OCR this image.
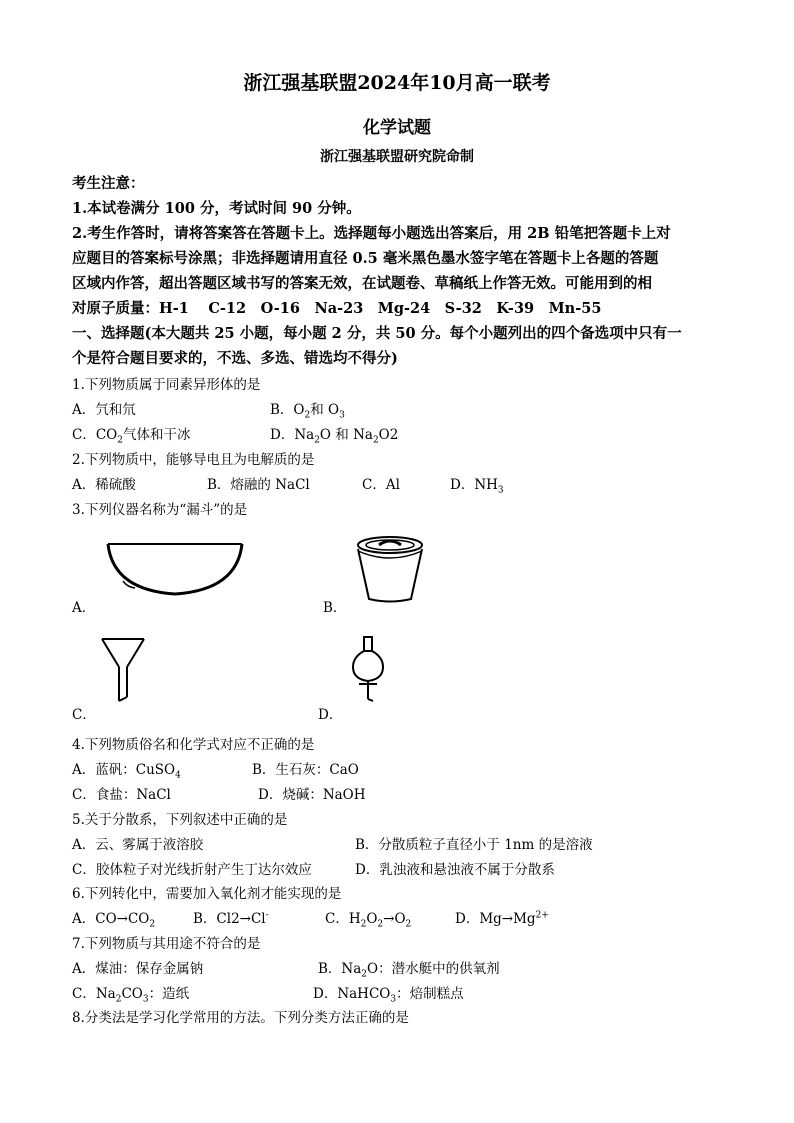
浙江强基联盟2024年10月高一联考
化学试题
浙江强基联盟研究院命制
考生注意：
1.本试卷满分 100 分，考试时间 90 分钟。
2.考生作答时，请将答案答在答题卡上。选择题每小题选出答案后，用 2B 铅笔把答题卡上对
应题目的答案标号涂黑；非选择题请用直径 0.5 毫米黑色墨水签字笔在答题卡上各题的答题
区域内作答，超出答题区域书写的答案无效，在试题卷、草稿纸上作答无效。可能用到的相
对原子质量：H-1　 C-12　O-16　Na-23　Mg-24　S-32　K-39　Mn-55
一、选择题(本大题共 25 小题，每小题 2 分，共 50 分。每个小题列出的四个备选项中只有一
个是符合题目要求的，不选、多选、错选均不得分)
1.下列物质属于同素异形体的是
A．氕和氘	B．$O_2$和 $O_3$
C．$CO_2$气体和干冰	D．$Na_2O$ 和 $Na_2O2$
2.下列物质中，能够导电且为电解质的是
A．稀硫酸	B．熔融的 NaCl	C．Al	D．$NH_3$
3.下列仪器名称为“漏斗”的是
A．	B．
C．	D．
4.下列物质俗名和化学式对应不正确的是
A．蓝矾：CuSO$_4$	B．生石灰：CaO
C．食盐：NaCl	D．烧碱：NaOH
5.关于分散系，下列叙述中正确的是
A．云、雾属于液溶胶	B．分散质粒子直径小于 1nm 的是溶液
C．胶体粒子对光线折射产生丁达尔效应	D．乳浊液和悬浊液不属于分散系
6.下列转化中，需要加入氧化剂才能实现的是
A．$CO\to CO_2$	B．Cl2→Cl-	C．$H_2O_2\to O_2$	D．$Mg\to Mg^{2+}$
7.下列物质与其用途不符合的是
A．煤油：保存金属钠	B．$Na_2O$：潜水艇中的供氧剂
C．$Na_2CO_3$：造纸	D．NaHCO$_3$：焙制糕点
8.分类法是学习化学常用的方法。下列分类方法正确的是
